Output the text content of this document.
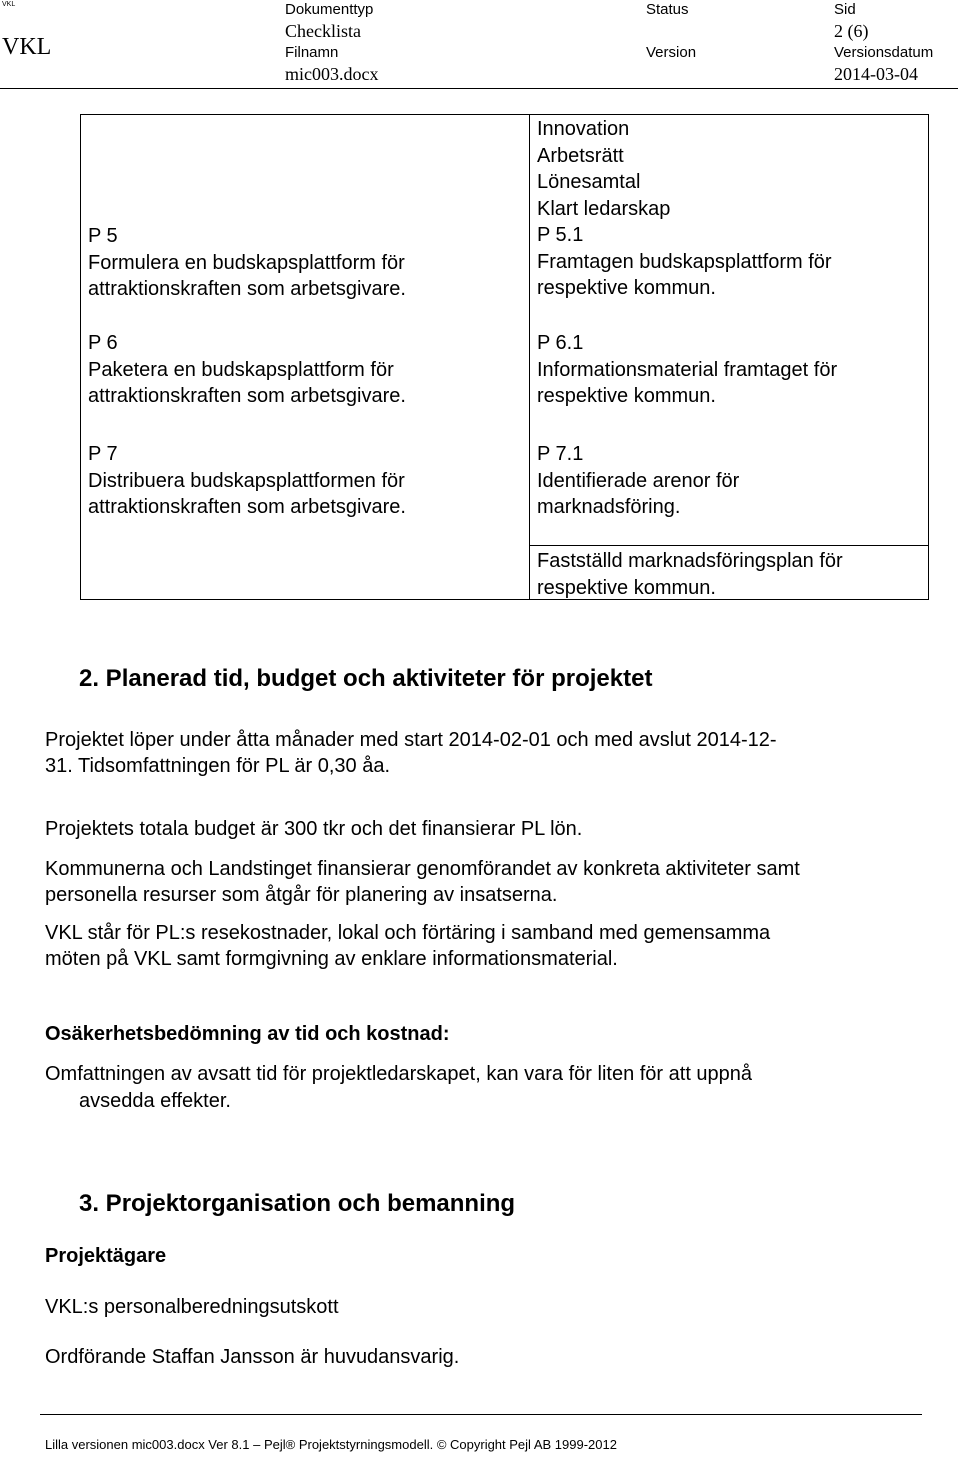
VKL
VKL
Dokumenttyp
Checklista
Filnamn
mic003.docx
Status
Version
Sid
2 (6)
Versionsdatum
2014-03-04
P 5
Formulera en budskapsplattform för
attraktionskraften som arbetsgivare.
P 6
Paketera en budskapsplattform för
attraktionskraften som arbetsgivare.
P 7
Distribuera budskapsplattformen för
attraktionskraften som arbetsgivare.
Innovation
Arbetsrätt
Lönesamtal
Klart ledarskap
P 5.1
Framtagen budskapsplattform för
respektive kommun.
P 6.1
Informationsmaterial framtaget för
respektive kommun.
P 7.1
Identifierade arenor för
marknadsföring.
Fastställd marknadsföringsplan för
respektive kommun.
2. Planerad tid, budget och aktiviteter för projektet
Projektet löper under åtta månader med start 2014-02-01 och med avslut 2014-12-
31. Tidsomfattningen för PL är 0,30 åa.
Projektets totala budget är 300 tkr och det finansierar PL lön.
Kommunerna och Landstinget finansierar genomförandet av konkreta aktiviteter samt
personella resurser som åtgår för planering av insatserna.
VKL står för PL:s resekostnader, lokal och förtäring i samband med gemensamma
möten på VKL samt formgivning av enklare informationsmaterial.
Osäkerhetsbedömning av tid och kostnad:
Omfattningen av avsatt tid för projektledarskapet, kan vara för liten för att uppnå
avsedda effekter.
3. Projektorganisation och bemanning
Projektägare
VKL:s personalberedningsutskott
Ordförande Staffan Jansson är huvudansvarig.
Lilla versionen mic003.docx Ver 8.1 – Pejl® Projektstyrningsmodell. © Copyright Pejl AB 1999-2012
